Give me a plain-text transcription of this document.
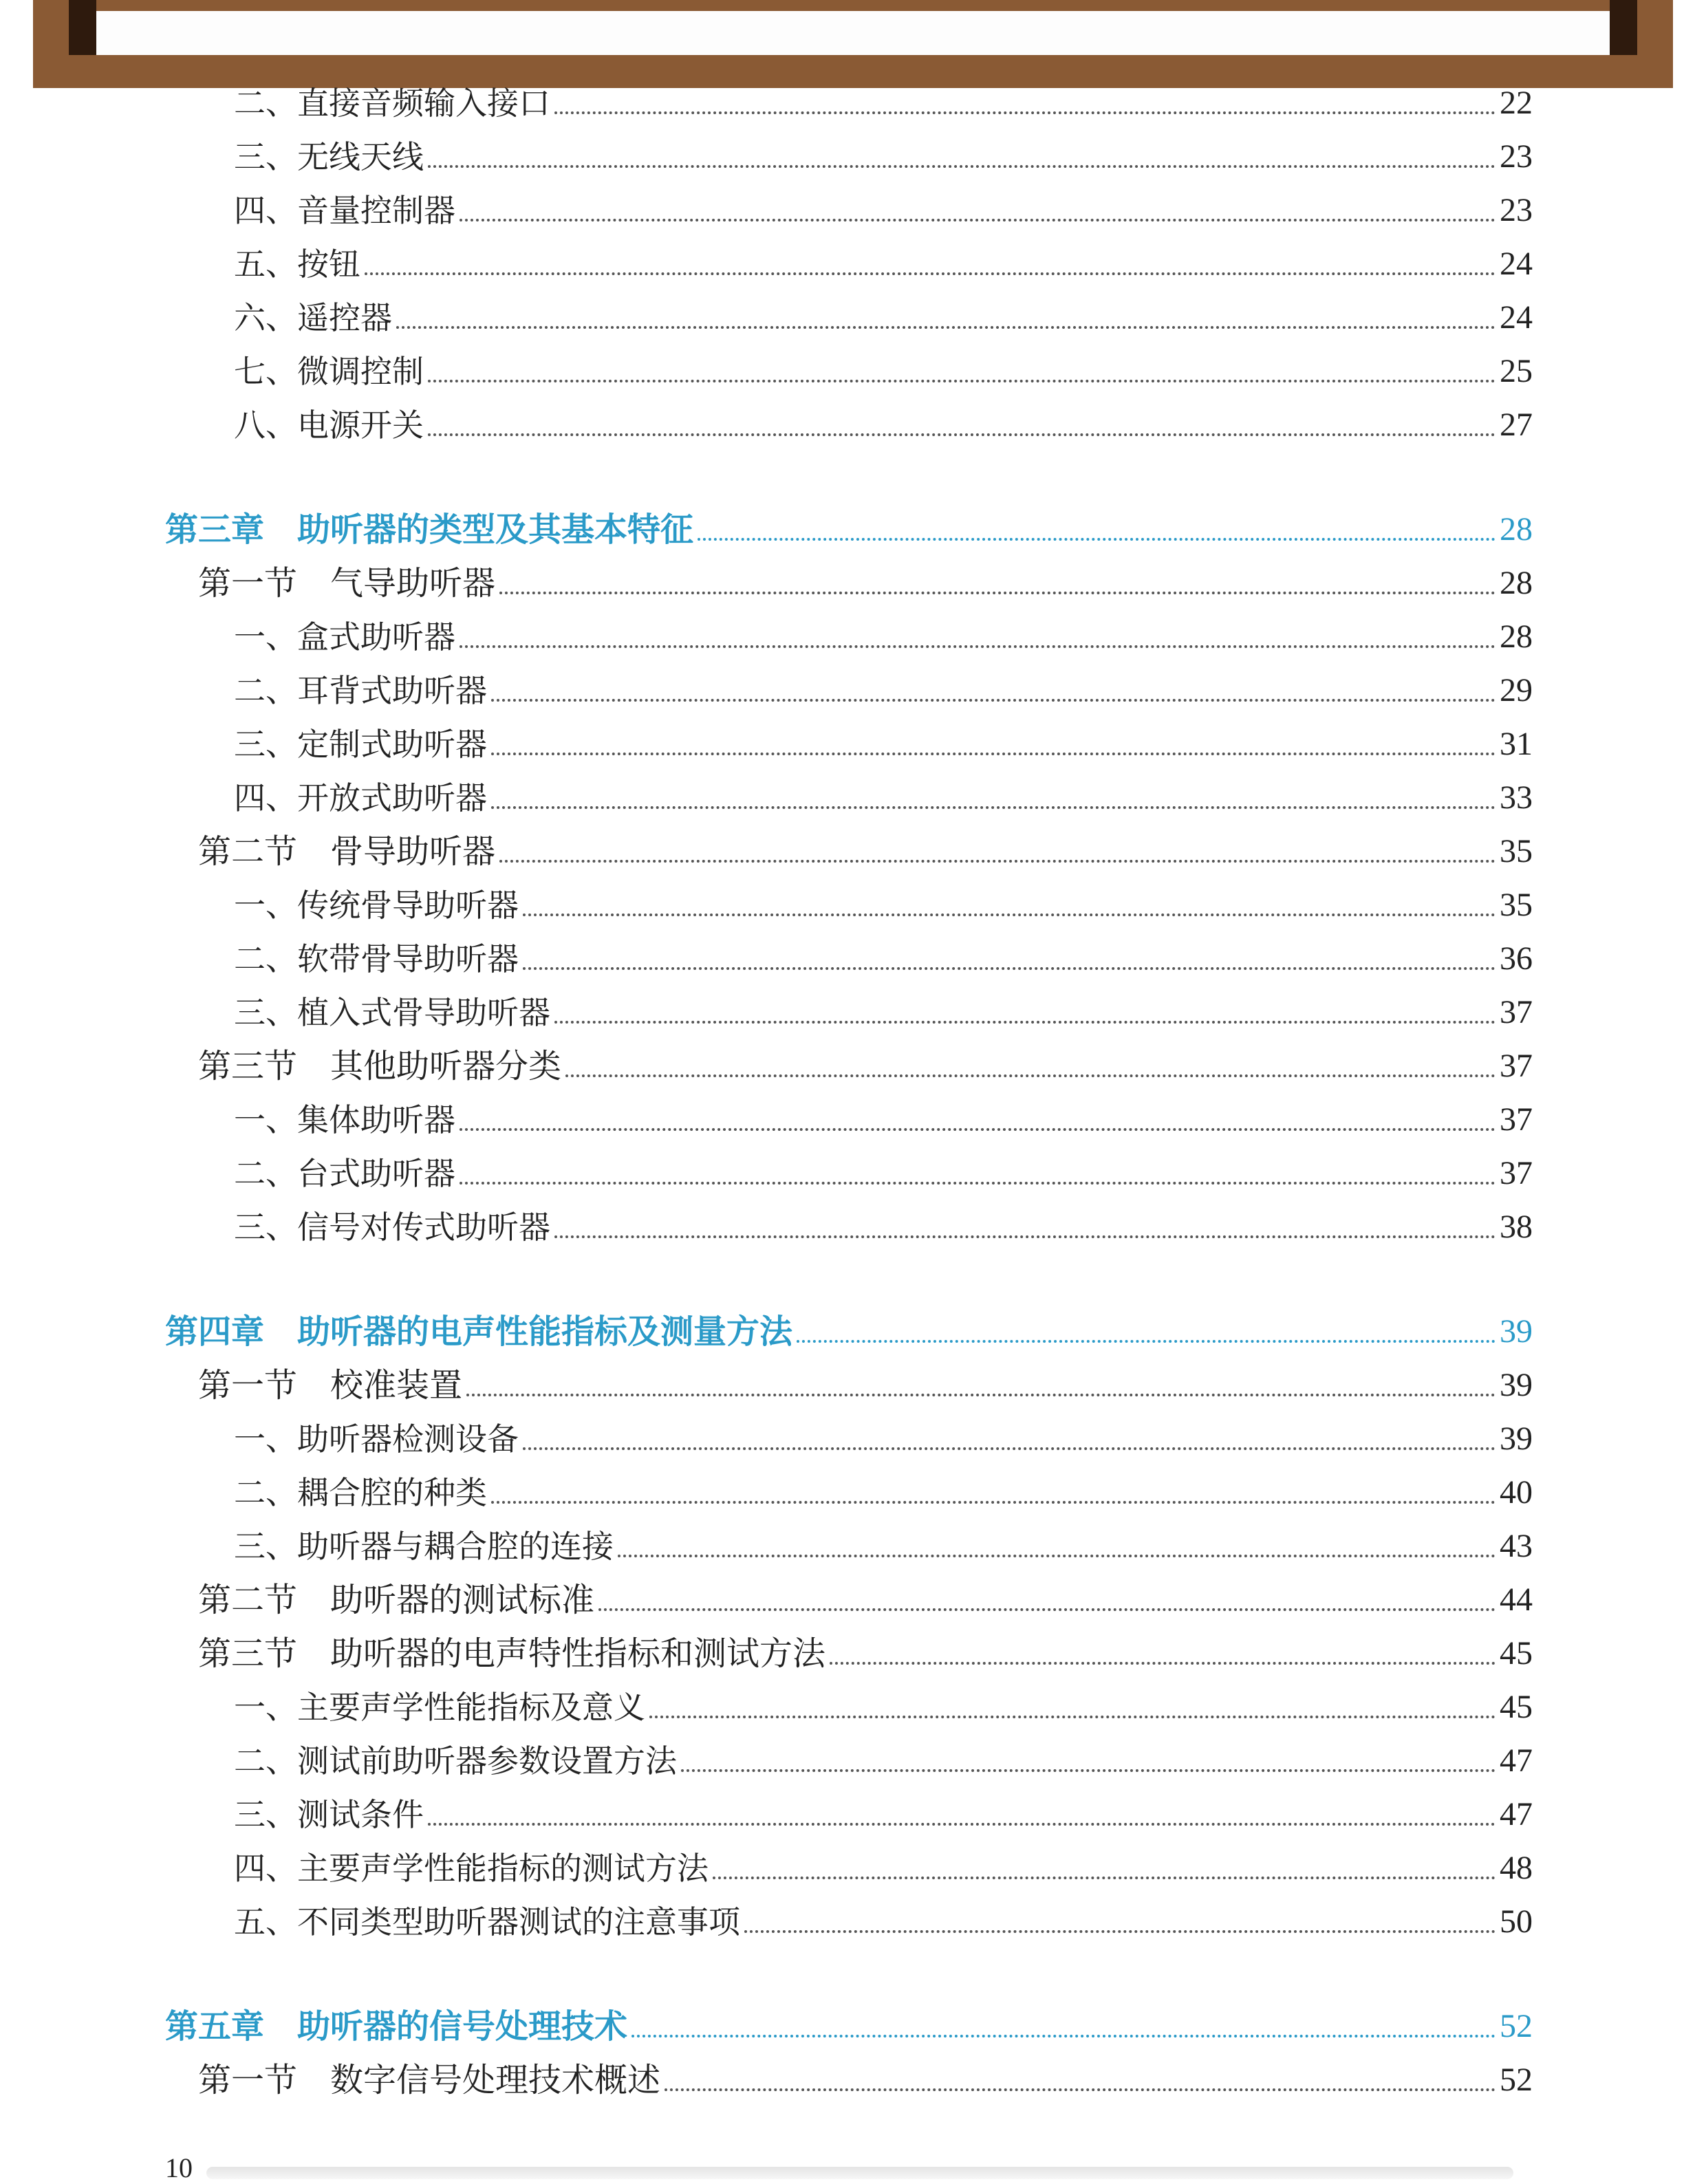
二、直接音频输入接口	22
三、无线天线	23
四、音量控制器	23
五、按钮	24
六、遥控器	24
七、微调控制	25
八、电源开关	27
第三章　助听器的类型及其基本特征	28
第一节　气导助听器	28
一、盒式助听器	28
二、耳背式助听器	29
三、定制式助听器	31
四、开放式助听器	33
第二节　骨导助听器	35
一、传统骨导助听器	35
二、软带骨导助听器	36
三、植入式骨导助听器	37
第三节　其他助听器分类	37
一、集体助听器	37
二、台式助听器	37
三、信号对传式助听器	38
第四章　助听器的电声性能指标及测量方法	39
第一节　校准装置	39
一、助听器检测设备	39
二、耦合腔的种类	40
三、助听器与耦合腔的连接	43
第二节　助听器的测试标准	44
第三节　助听器的电声特性指标和测试方法	45
一、主要声学性能指标及意义	45
二、测试前助听器参数设置方法	47
三、测试条件	47
四、主要声学性能指标的测试方法	48
五、不同类型助听器测试的注意事项	50
第五章　助听器的信号处理技术	52
第一节　数字信号处理技术概述	52
10
